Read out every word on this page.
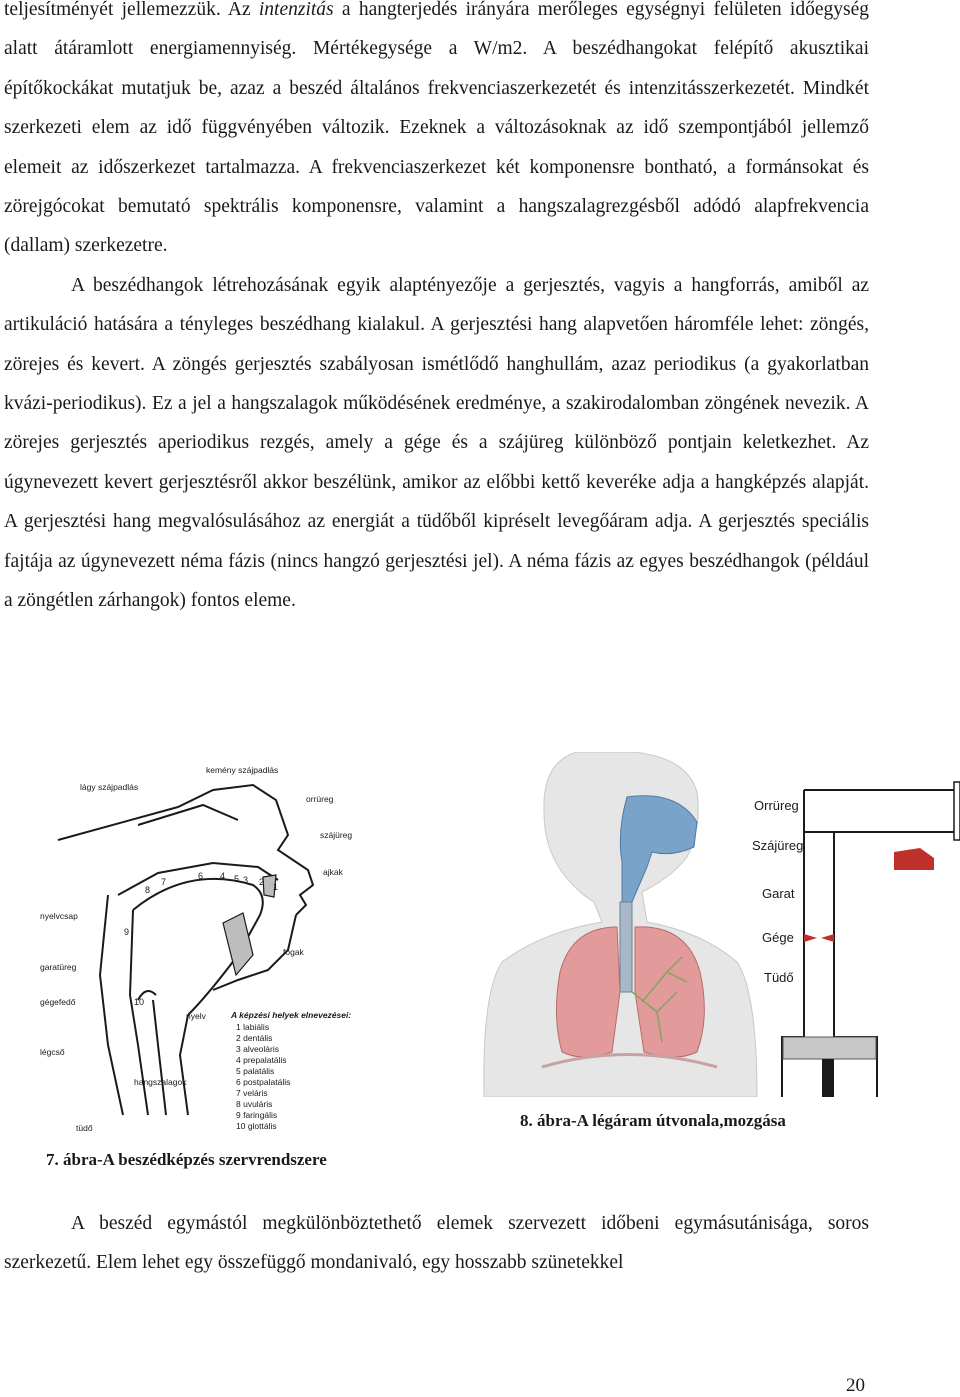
teljesítményét jellemezzük. Az intenzitás a hangterjedés irányára merőleges egységnyi felületen időegység alatt átáramlott energiamennyiség. Mértékegysége a W/m2. A beszédhangokat felépítő akusztikai építőkockákat mutatjuk be, azaz a beszéd általános frekvenciaszerkezetét és intenzitásszerkezetét. Mindkét szerkezeti elem az idő függvényében változik. Ezeknek a változásoknak az idő szempontjából jellemző elemeit az időszerkezet tartalmazza. A frekvenciaszerkezet két komponensre bontható, a formánsokat és zörejgócokat bemutató spektrális komponensre, valamint a hangszalagrezgésből adódó alapfrekvencia (dallam) szerkezetre.

A beszédhangok létrehozásának egyik alaptényezője a gerjesztés, vagyis a hangforrás, amiből az artikuláció hatására a tényleges beszédhang kialakul. A gerjesztési hang alapvetően háromféle lehet: zöngés, zörejes és kevert. A zöngés gerjesztés szabályosan ismétlődő hanghullám, azaz periodikus (a gyakorlatban kvázi-periodikus). Ez a jel a hangszalagok működésének eredménye, a szakirodalomban zöngének nevezik. A zörejes gerjesztés aperiodikus rezgés, amely a gége és a szájüreg különböző pontjain keletkezhet. Az úgynevezett kevert gerjesztésről akkor beszélünk, amikor az előbbi kettő keveréke adja a hangképzés alapját. A gerjesztési hang megvalósulásához az energiát a tüdőből kipréselt levegőáram adja. A gerjesztés speciális fajtája az úgynevezett néma fázis (nincs hangzó gerjesztési jel). A néma fázis az egyes beszédhangok (például a zöngétlen zárhangok) fontos eleme.

1
2
3
4 5
6
7
8
9
10
kemény szájpadlás
lágy szájpadlás
orrüreg
szájüreg
ajkak
fogak
nyelvcsap
garatüreg
gégefedő
légcső
nyelv
hangszalagok
tüdő
A képzési helyek elnevezései:
1 labiális
2 dentális
3 alveoláris
4 prepalatális
5 palatális
6 postpalatális
7 veláris
8 uvuláris
9 faringális
10 glottális
Orrüreg
Szájüreg
Garat
Gége
Tüdő
8. ábra-A légáram útvonala,mozgása
7. ábra-A beszédképzés szervrendszere

A beszéd egymástól megkülönböztethető elemek szervezett időbeni egymásutánisága, soros szerkezetű. Elem lehet egy összefüggő mondanivaló, egy hosszabb szünetekkel

20
